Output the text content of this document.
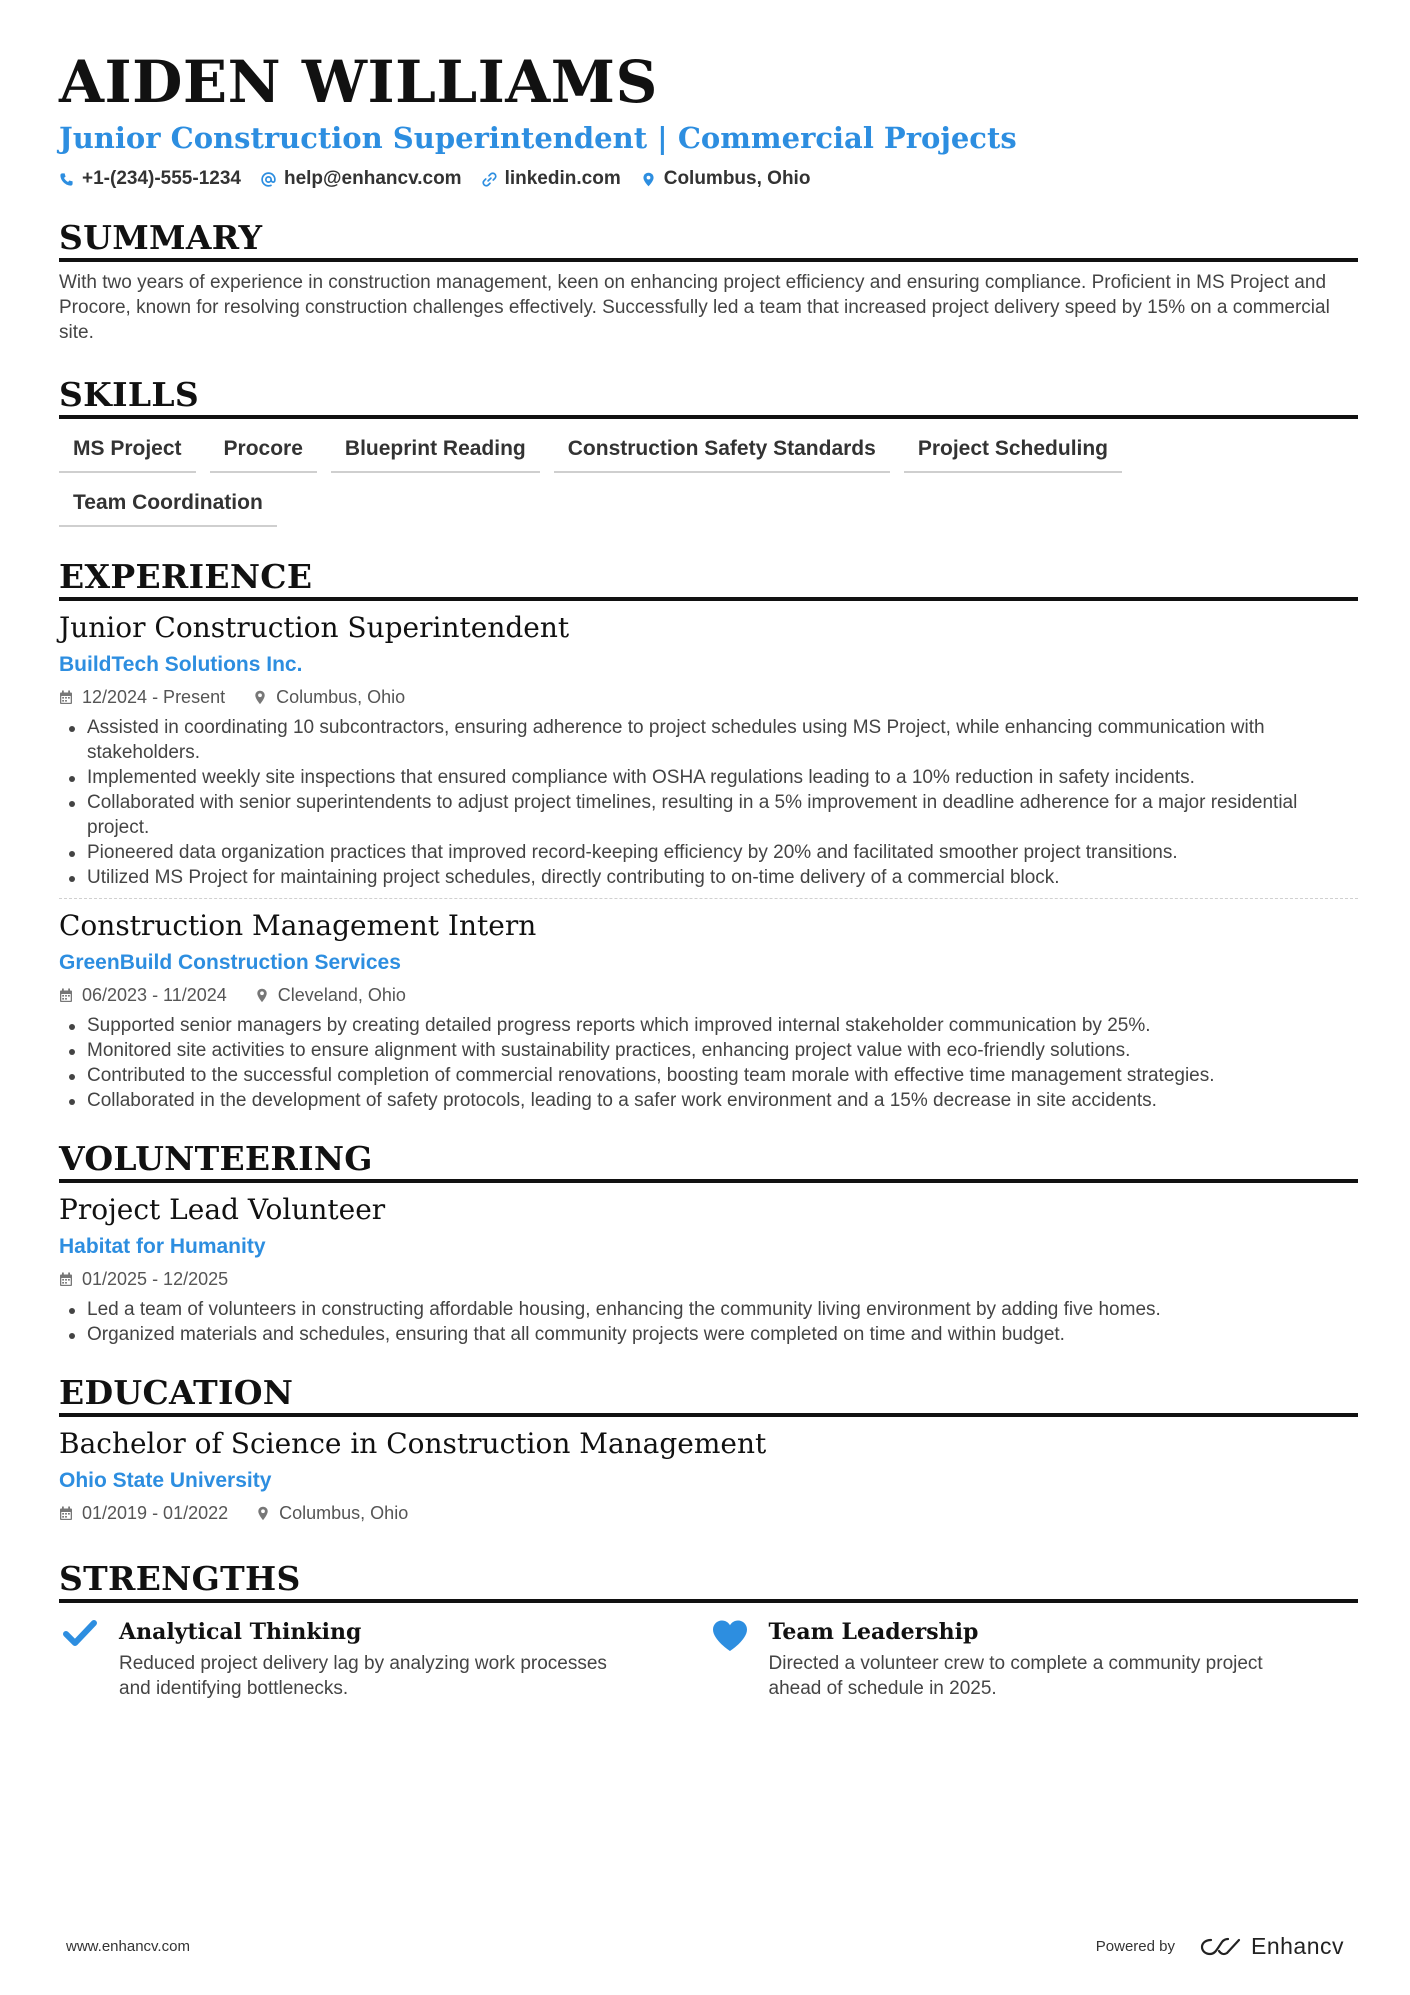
AIDEN WILLIAMS
Junior Construction Superintendent | Commercial Projects
+1-(234)-555-1234 help@enhancv.com linkedin.com Columbus, Ohio
SUMMARY
With two years of experience in construction management, keen on enhancing project efficiency and ensuring compliance. Proficient in MS Project and Procore, known for resolving construction challenges effectively. Successfully led a team that increased project delivery speed by 15% on a commercial site.
SKILLS
MS Project	Procore	Blueprint Reading	Construction Safety Standards	Project Scheduling
Team Coordination
EXPERIENCE
Junior Construction Superintendent
BuildTech Solutions Inc.
12/2024 - Present	Columbus, Ohio
Assisted in coordinating 10 subcontractors, ensuring adherence to project schedules using MS Project, while enhancing communication with stakeholders.
Implemented weekly site inspections that ensured compliance with OSHA regulations leading to a 10% reduction in safety incidents.
Collaborated with senior superintendents to adjust project timelines, resulting in a 5% improvement in deadline adherence for a major residential project.
Pioneered data organization practices that improved record-keeping efficiency by 20% and facilitated smoother project transitions.
Utilized MS Project for maintaining project schedules, directly contributing to on-time delivery of a commercial block.
Construction Management Intern
GreenBuild Construction Services
06/2023 - 11/2024	Cleveland, Ohio
Supported senior managers by creating detailed progress reports which improved internal stakeholder communication by 25%.
Monitored site activities to ensure alignment with sustainability practices, enhancing project value with eco-friendly solutions.
Contributed to the successful completion of commercial renovations, boosting team morale with effective time management strategies.
Collaborated in the development of safety protocols, leading to a safer work environment and a 15% decrease in site accidents.
VOLUNTEERING
Project Lead Volunteer
Habitat for Humanity
01/2025 - 12/2025
Led a team of volunteers in constructing affordable housing, enhancing the community living environment by adding five homes.
Organized materials and schedules, ensuring that all community projects were completed on time and within budget.
EDUCATION
Bachelor of Science in Construction Management
Ohio State University
01/2019 - 01/2022	Columbus, Ohio
STRENGTHS
Analytical Thinking
Reduced project delivery lag by analyzing work processes and identifying bottlenecks.
Team Leadership
Directed a volunteer crew to complete a community project ahead of schedule in 2025.
www.enhancv.com	Powered by	Enhancv
